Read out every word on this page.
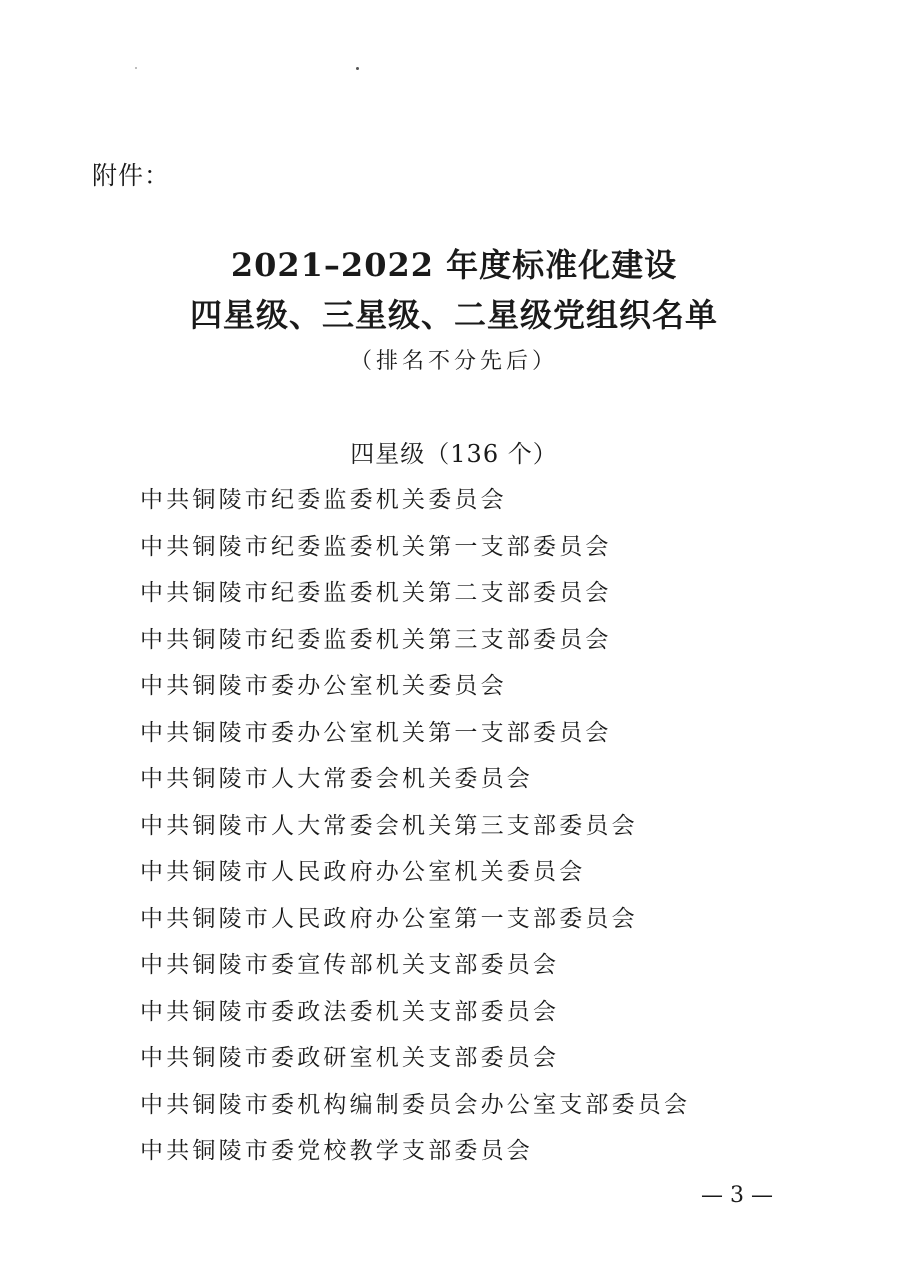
附件：

2021–2022 年度标准化建设

四星级、三星级、二星级党组织名单

（排名不分先后）

四星级（136 个）

中共铜陵市纪委监委机关委员会
中共铜陵市纪委监委机关第一支部委员会
中共铜陵市纪委监委机关第二支部委员会
中共铜陵市纪委监委机关第三支部委员会
中共铜陵市委办公室机关委员会
中共铜陵市委办公室机关第一支部委员会
中共铜陵市人大常委会机关委员会
中共铜陵市人大常委会机关第三支部委员会
中共铜陵市人民政府办公室机关委员会
中共铜陵市人民政府办公室第一支部委员会
中共铜陵市委宣传部机关支部委员会
中共铜陵市委政法委机关支部委员会
中共铜陵市委政研室机关支部委员会
中共铜陵市委机构编制委员会办公室支部委员会
中共铜陵市委党校教学支部委员会

— 3 —
